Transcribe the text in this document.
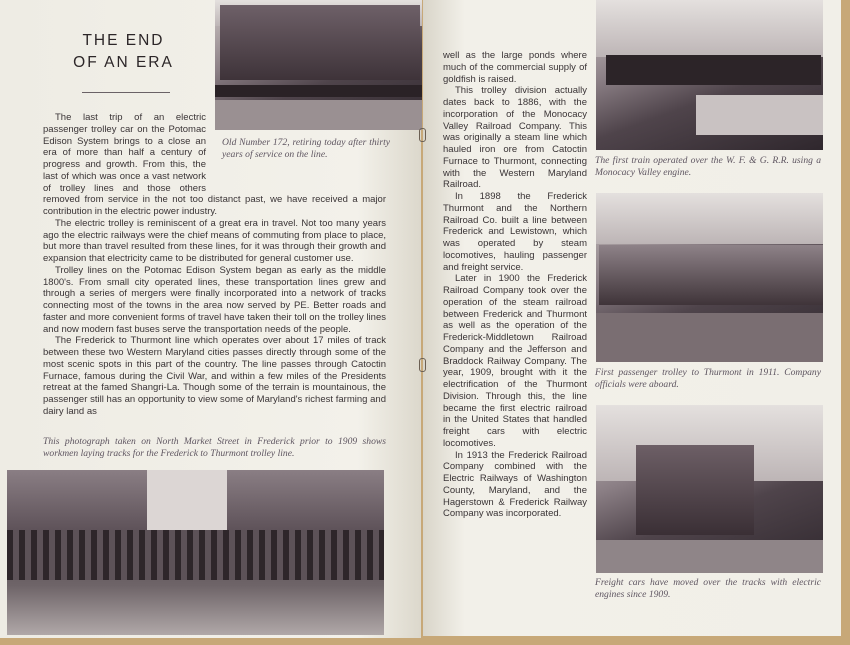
THE END
OF AN ERA
Old Number 172, retiring today after thirty years of service on the line.

The last trip of an electric passenger trolley car on the Potomac Edison System brings to a close an era of more than half a century of progress and growth. From this, the last of which was once a vast network of trolley lines and those others removed from service in the not too distanct past, we have received a major contribution in the electric power industry.

The electric trolley is reminiscent of a great era in travel. Not too many years ago the electric railways were the chief means of commuting from place to place, but more than travel resulted from these lines, for it was through their growth and expansion that electricity came to be distributed for general customer use.

Trolley lines on the Potomac Edison System began as early as the middle 1800's. From small city operated lines, these transportation lines grew and through a series of mergers were finally incorporated into a network of tracks connecting most of the towns in the area now served by PE. Better roads and faster and more convenient forms of travel have taken their toll on the trolley lines and now modern fast buses serve the transportation needs of the people.

The Frederick to Thurmont line which operates over about 17 miles of track between these two Western Maryland cities passes directly through some of the most scenic spots in this part of the country. The line passes through Catoctin Furnace, famous during the Civil War, and within a few miles of the Presidents retreat at the famed Shangri-La. Though some of the terrain is mountainous, the passenger still has an opportunity to view some of Maryland's richest farming and dairy land as

This photograph taken on North Market Street in Frederick prior to 1909 shows workmen laying tracks for the Frederick to Thurmont trolley line.

well as the large ponds where much of the commercial supply of goldfish is raised.

This trolley division actually dates back to 1886, with the incorporation of the Monocacy Valley Railroad Company. This was originally a steam line which hauled iron ore from Catoctin Furnace to Thurmont, connecting with the Western Maryland Railroad.

In 1898 the Frederick Thurmont and the Northern Railroad Co. built a line between Frederick and Lewistown, which was operated by steam locomotives, hauling passenger and freight service.

Later in 1900 the Frederick Railroad Company took over the operation of the steam railroad between Frederick and Thurmont as well as the operation of the Frederick-Middletown Railroad Company and the Jefferson and Braddock Railway Company. The year, 1909, brought with it the electrification of the Thurmont Division. Through this, the line became the first electric railroad in the United States that handled freight cars with electric locomotives.

In 1913 the Frederick Railroad Company combined with the Electric Railways of Washington County, Maryland, and the Hagerstown & Frederick Railway Company was incorporated.

The first train operated over the W. F. & G. R.R. using a Monocacy Valley engine.
First passenger trolley to Thurmont in 1911. Company officials were aboard.
Freight cars have moved over the tracks with electric engines since 1909.
